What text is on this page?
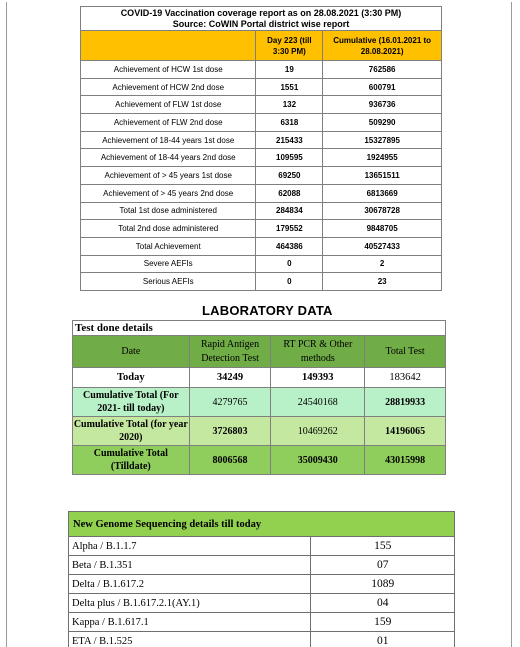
COVID-19 Vaccination coverage report as on 28.08.2021 (3:30 PM)
Source: CoWIN Portal district wise report		

	Day 223 (till 3:30 PM)	Cumulative (16.01.2021 to 28.08.2021)
Achievement of HCW 1st dose	19	762586
Achievement of HCW 2nd dose	1551	600791
Achievement of FLW 1st dose	132	936736
Achievement of FLW 2nd dose	6318	509290
Achievement of 18-44 years 1st dose	215433	15327895
Achievement of 18-44 years 2nd dose	109595	1924955
Achievement of > 45 years 1st dose	69250	13651511
Achievement of > 45 years 2nd dose	62088	6813669
Total 1st dose administered	284834	30678728
Total 2nd dose administered	179552	9848705
Total Achievement	464386	40527433
Severe AEFIs	0	2
Serious AEFIs	0	23
LABORATORY DATA
Test done details			
Date	Rapid Antigen Detection Test	RT PCR & Other methods	Total Test
Today	34249	149393	183642
Cumulative Total (For 2021- till today)	4279765	24540168	28819933
Cumulative Total (for year 2020)	3726803	10469262	14196065
Cumulative Total (Tilldate)	8006568	35009430	43015998
New Genome Sequencing details till today	
Alpha / B.1.1.7	155
Beta / B.1.351	07
Delta / B.1.617.2	1089
Delta plus / B.1.617.2.1(AY.1)	04
Kappa / B.1.617.1	159
ETA / B.1.525	01
